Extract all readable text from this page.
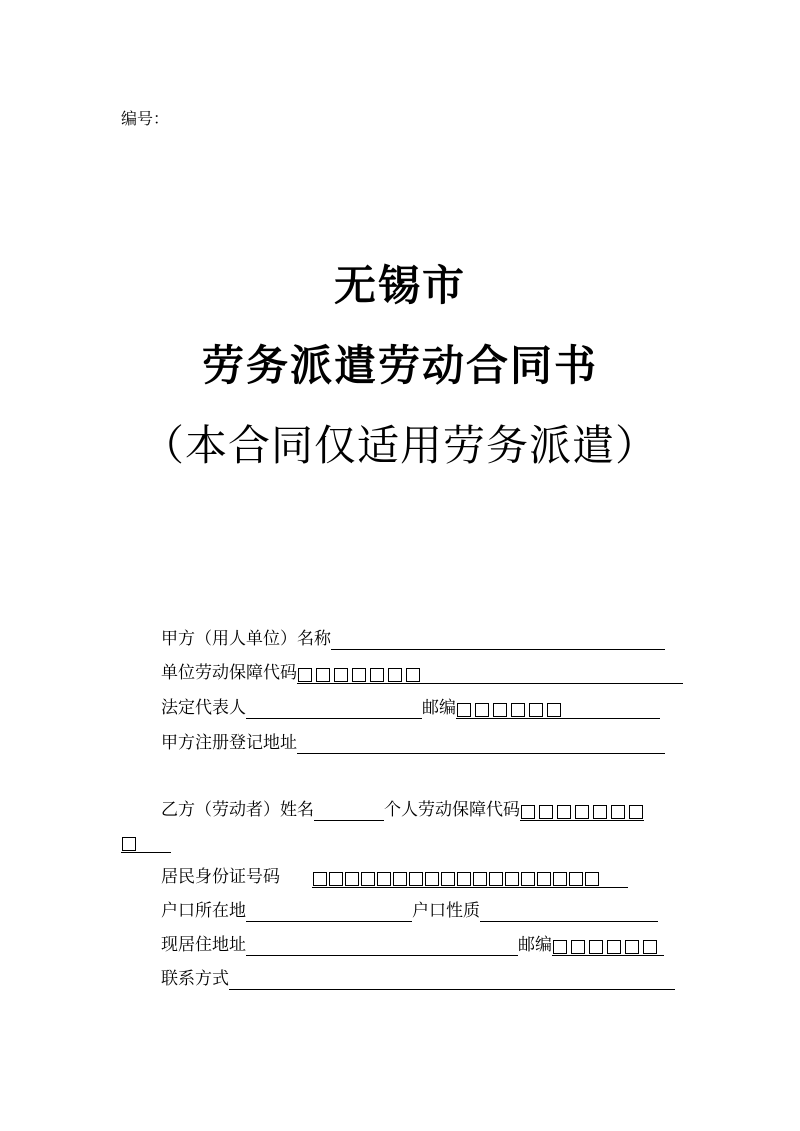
编号：
无锡市
劳务派遣劳动合同书
（本合同仅适用劳务派遣）
甲方（用人单位）名称
单位劳动保障代码
法定代表人	邮编
甲方注册登记地址
乙方（劳动者）姓名	个人劳动保障代码
居民身份证号码
户口所在地	户口性质
现居住地址	邮编
联系方式
